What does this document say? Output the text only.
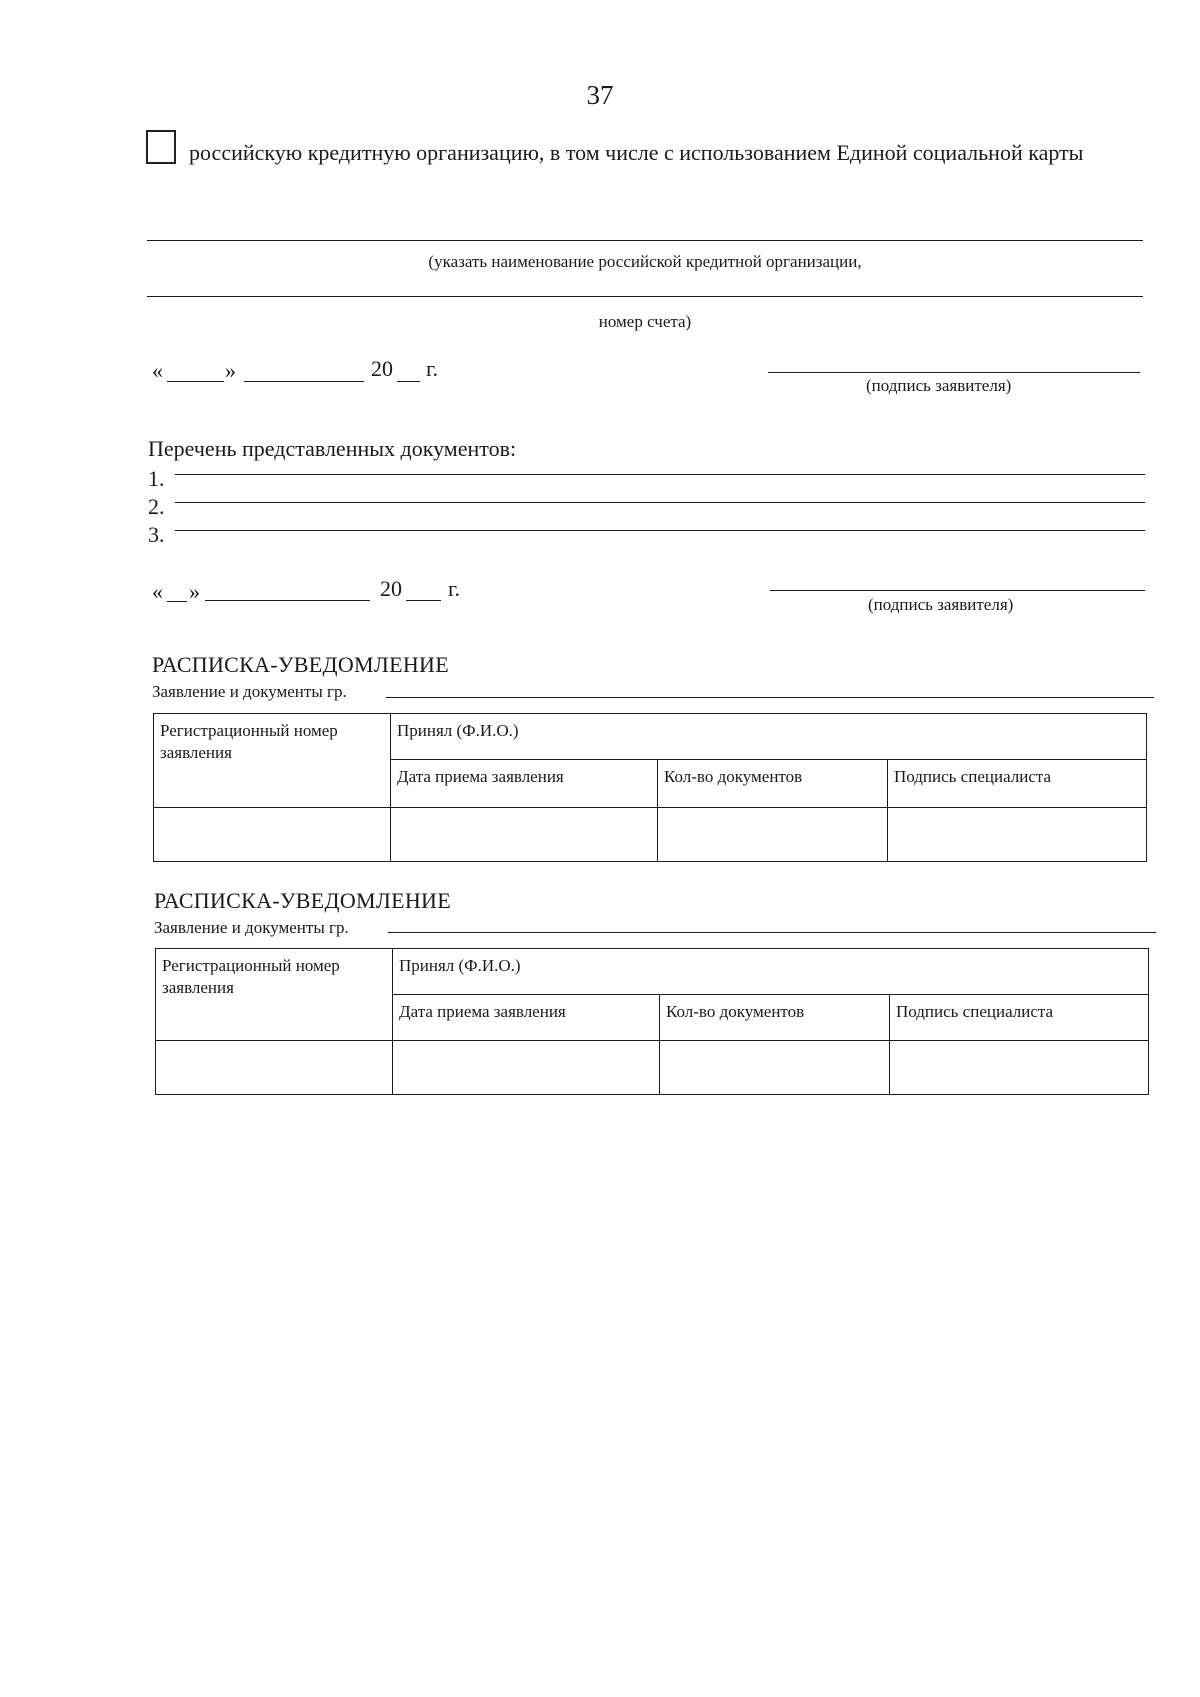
37
российскую кредитную организацию, в том числе с использованием Единой социальной карты
(указать наименование российской кредитной организации,
номер счета)
«	»	20 г.
(подпись заявителя)
Перечень представленных документов:
1.
2.
3.
« »	20 г.
(подпись заявителя)
РАСПИСКА-УВЕДОМЛЕНИЕ
Заявление и документы гр.
Регистрационный номер заявления	Принял (Ф.И.О.)		
	Дата приема заявления	Кол-во документов	Подпись специалиста

РАСПИСКА-УВЕДОМЛЕНИЕ
Заявление и документы гр.
Регистрационный номер заявления	Принял (Ф.И.О.)		
	Дата приема заявления	Кол-во документов	Подпись специалиста
